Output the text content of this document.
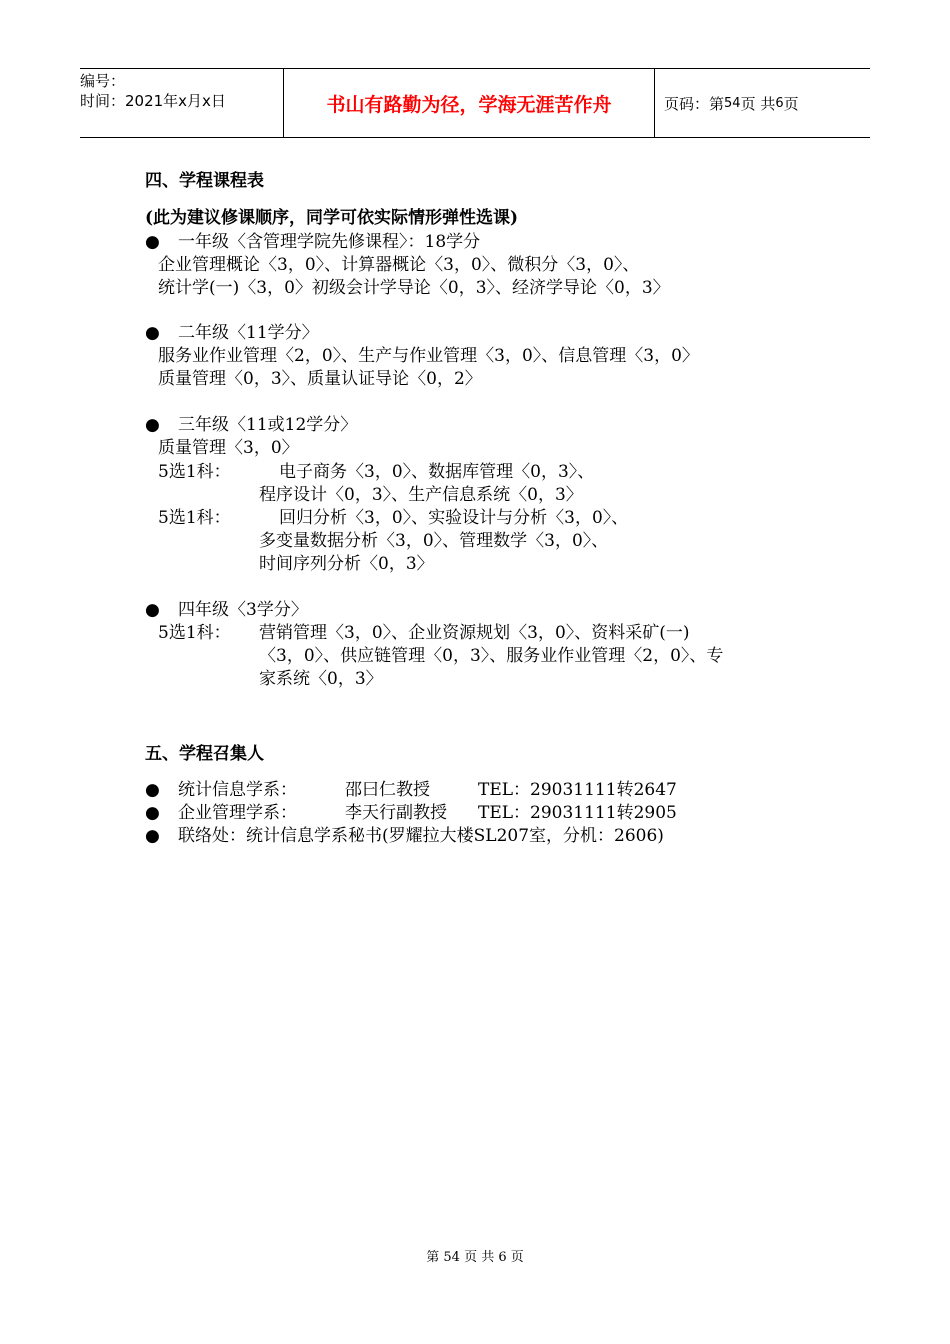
编号：
时间：2021年x月x日	书山有路勤为径，学海无涯苦作舟	页码：第 54 页 共 6 页
四、学程课程表
(此为建议修课顺序，同学可依实际情形弹性选课)
● 一年级〈含管理学院先修课程〉：18学分
企业管理概论〈3，0〉、计算器概论〈3，0〉、微积分〈3，0〉、
统计学(一)〈3，0〉初级会计学导论〈0，3〉、经济学导论〈0，3〉
● 二年级〈11学分〉
服务业作业管理〈2，0〉、生产与作业管理〈3，0〉、信息管理〈3，0〉
质量管理〈0，3〉、质量认证导论〈0，2〉
● 三年级〈11或12学分〉
质量管理〈3，0〉
5选1科：	电子商务〈3，0〉、数据库管理〈0，3〉、
程序设计〈0，3〉、生产信息系统〈0，3〉
5选1科：	回归分析〈3，0〉、实验设计与分析〈3，0〉、
多变量数据分析〈3，0〉、管理数学〈3，0〉、
时间序列分析〈0，3〉
● 四年级〈3学分〉
5选1科： 营销管理〈3，0〉、企业资源规划〈3，0〉、资料采矿(一)
〈3，0〉、供应链管理〈0，3〉、服务业作业管理〈2，0〉、专
家系统〈0，3〉
五、学程召集人
● 统计信息学系：	邵曰仁教授	TEL：29031111转2647
● 企业管理学系：	李天行副教授 TEL：29031111转2905
● 联络处：统计信息学系秘书(罗耀拉大楼SL207室，分机：2606)
第 54 页 共 6 页
